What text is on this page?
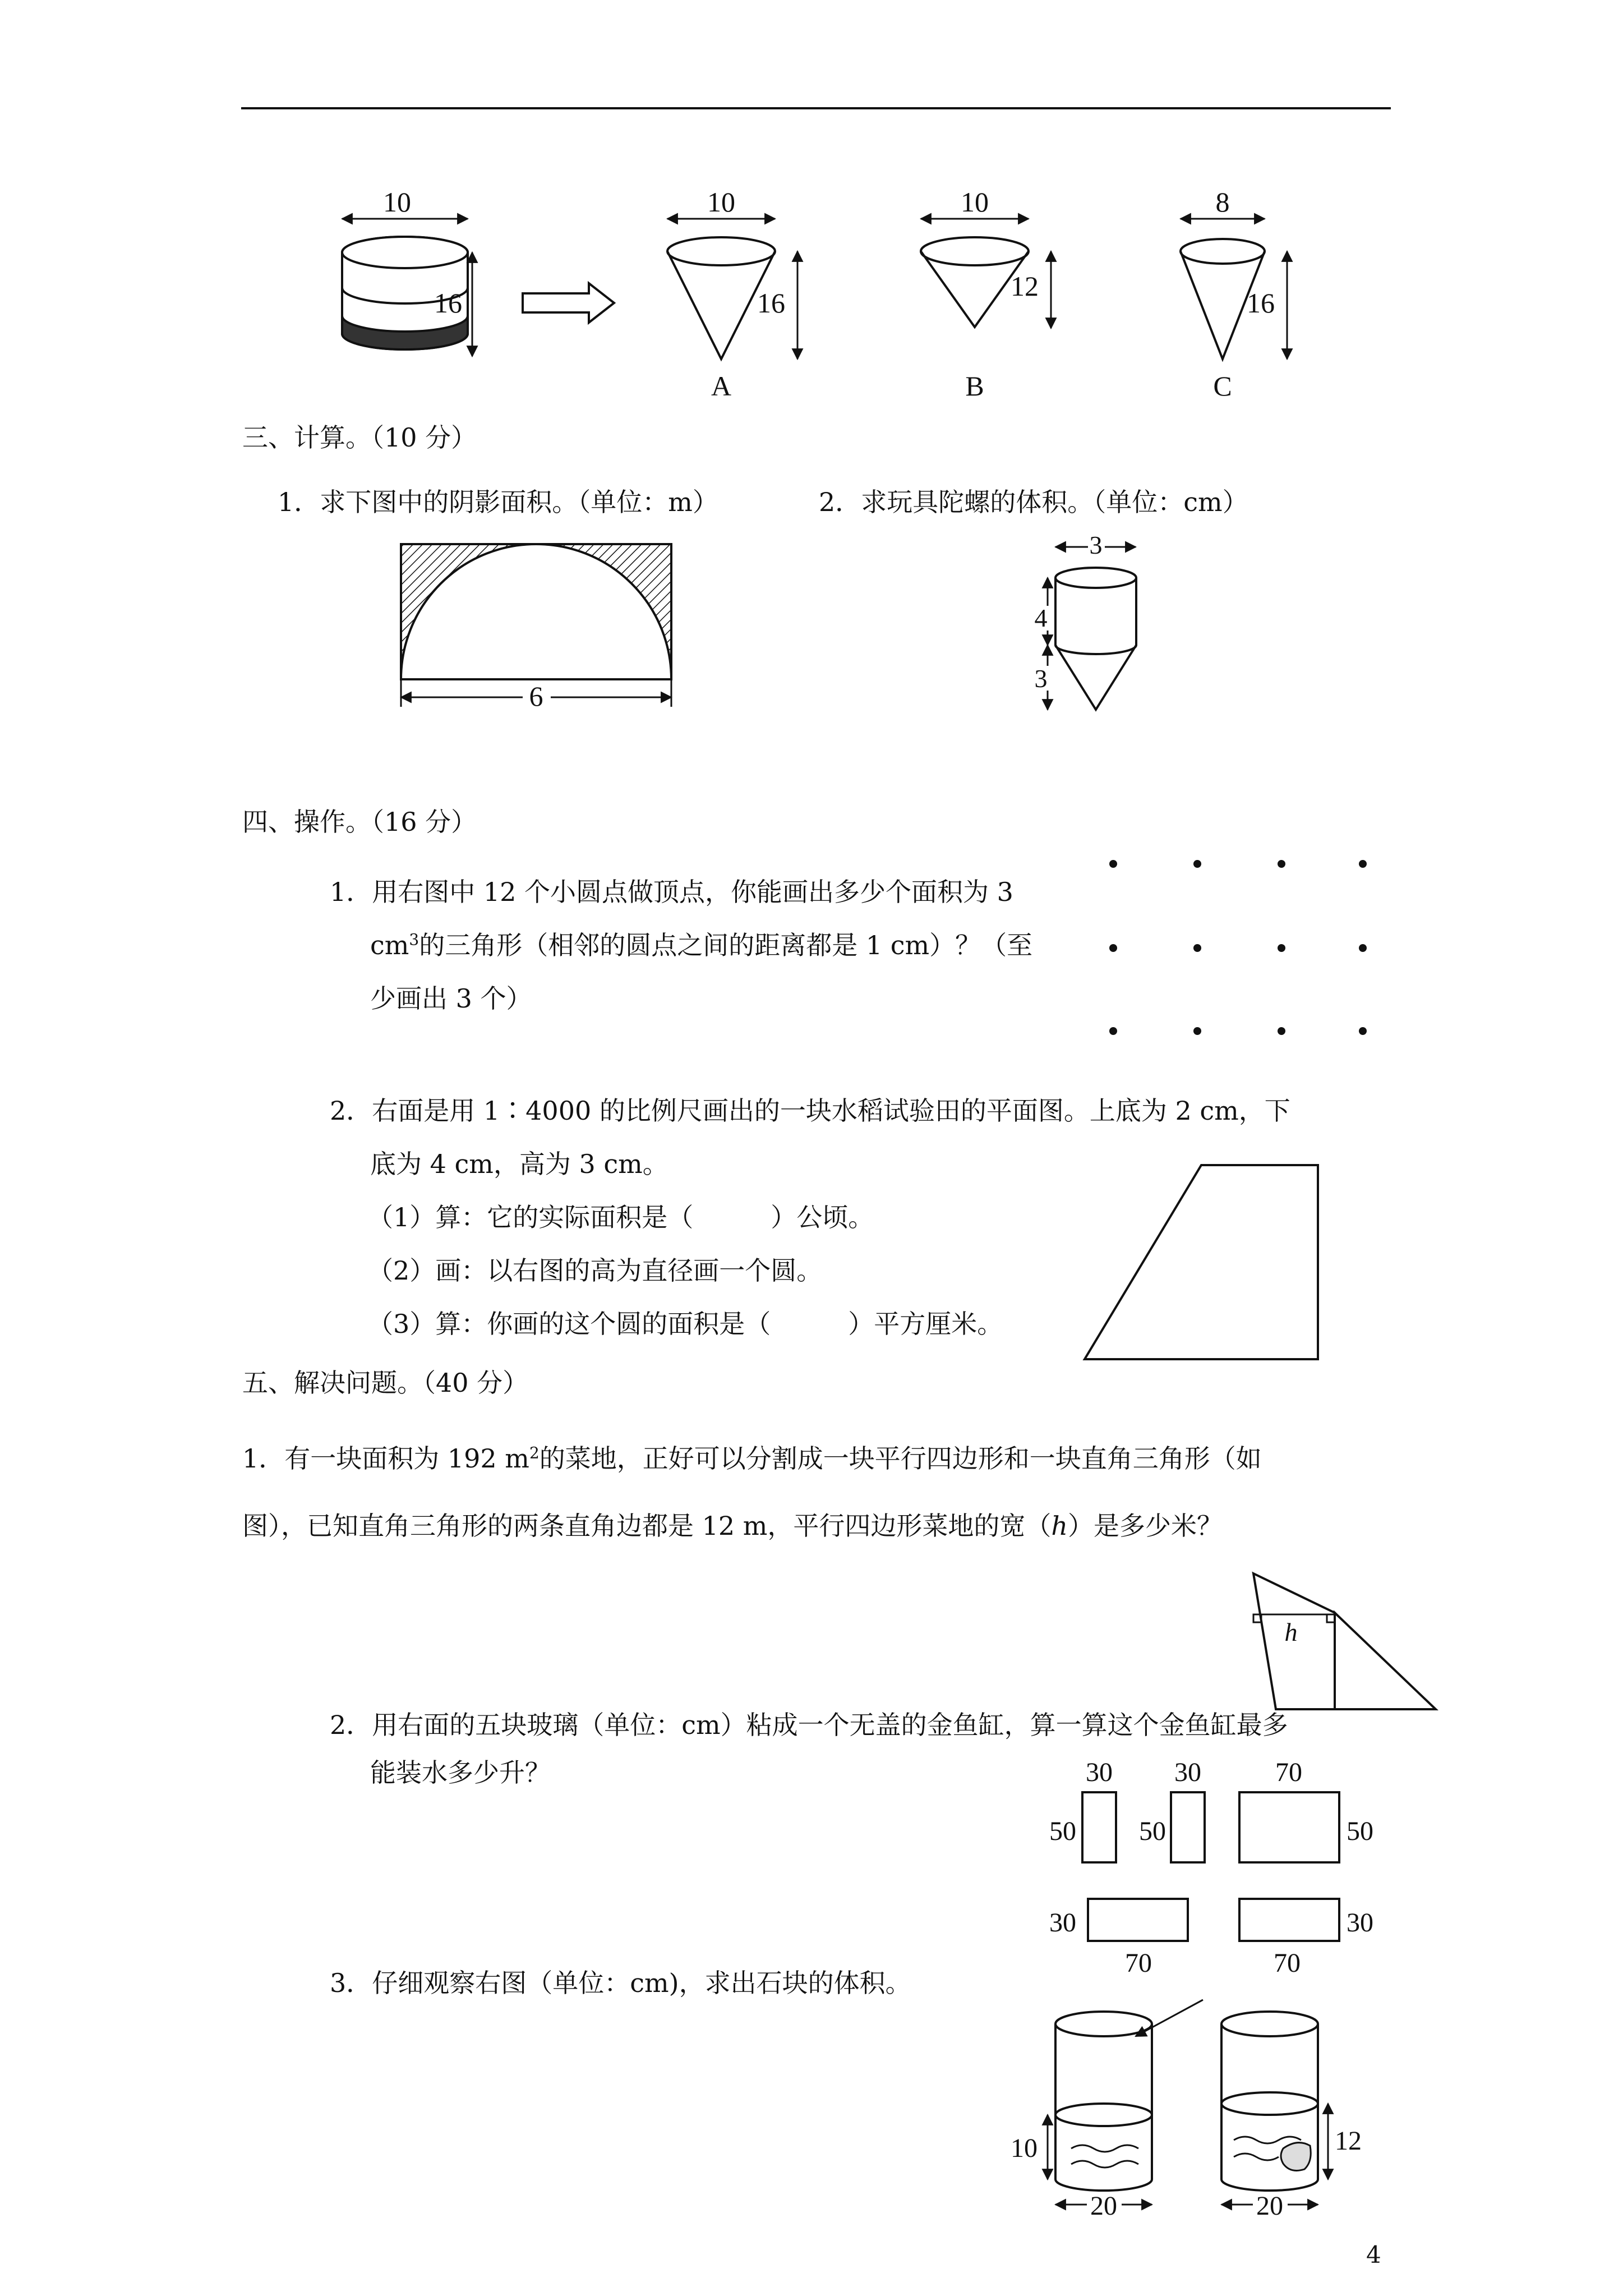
10
16
10
16
A
10
12
B
8
16
C
三、计算。（10 分）
1．求下图中的阴影面积。（单位：m）	2．求玩具陀螺的体积。（单位：cm）
6
3
4
3
四、操作。（16 分）
1．用右图中 12 个小圆点做顶点，你能画出多少个面积为 3
$cm^3$的三角形（相邻的圆点之间的距离都是 1 cm）？（至
少画出 3 个）
2．右面是用 1∶4000 的比例尺画出的一块水稻试验田的平面图。上底为 2 cm，下
底为 4 cm，高为 3 cm。
（1）算：它的实际面积是（　　　）公顷。
（2）画：以右图的高为直径画一个圆。
（3）算：你画的这个圆的面积是（　　　）平方厘米。
五、解决问题。（40 分）
1．有一块面积为 192 $m^2$的菜地，正好可以分割成一块平行四边形和一块直角三角形（如
图），已知直角三角形的两条直角边都是 12 m，平行四边形菜地的宽（h）是多少米？
h
2．用右面的五块玻璃（单位：cm）粘成一个无盖的金鱼缸，算一算这个金鱼缸最多
能装水多少升？	30
50
30
50
70
50
30
70
30
70
3．仔细观察右图（单位：cm)，求出石块的体积。
10
20
12
20
4
